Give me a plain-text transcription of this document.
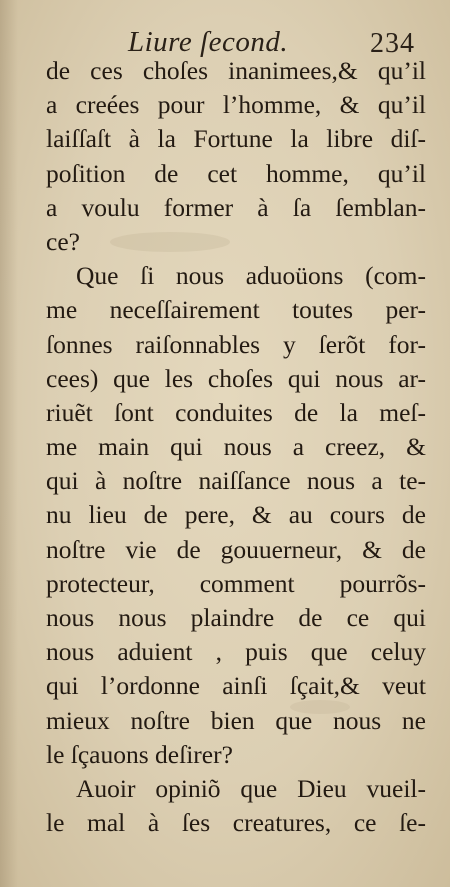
Liure ſecond.	234
de ces choſes inanimees,& qu’il
a creées pour l’homme, & qu’il
laiſſaſt à la Fortune la libre diſ-
poſition de cet homme, qu’il
a voulu former à ſa ſemblan-
ce?
Que ſi nous aduoüons (com-
me neceſſairement toutes per-
ſonnes raiſonnables y ſerõt for-
cees) que les choſes qui nous ar-
riuẽt ſont conduites de la meſ-
me main qui nous a creez, &
qui à noſtre naiſſance nous a te-
nu lieu de pere, & au cours de
noſtre vie de gouuerneur, & de
protecteur, comment pourrõs-
nous nous plaindre de ce qui
nous aduient , puis que celuy
qui l’ordonne ainſi ſçait,& veut
mieux noſtre bien que nous ne
le ſçauons deſirer?
Auoir opiniõ que Dieu vueil-
le mal à ſes creatures, ce ſe-
